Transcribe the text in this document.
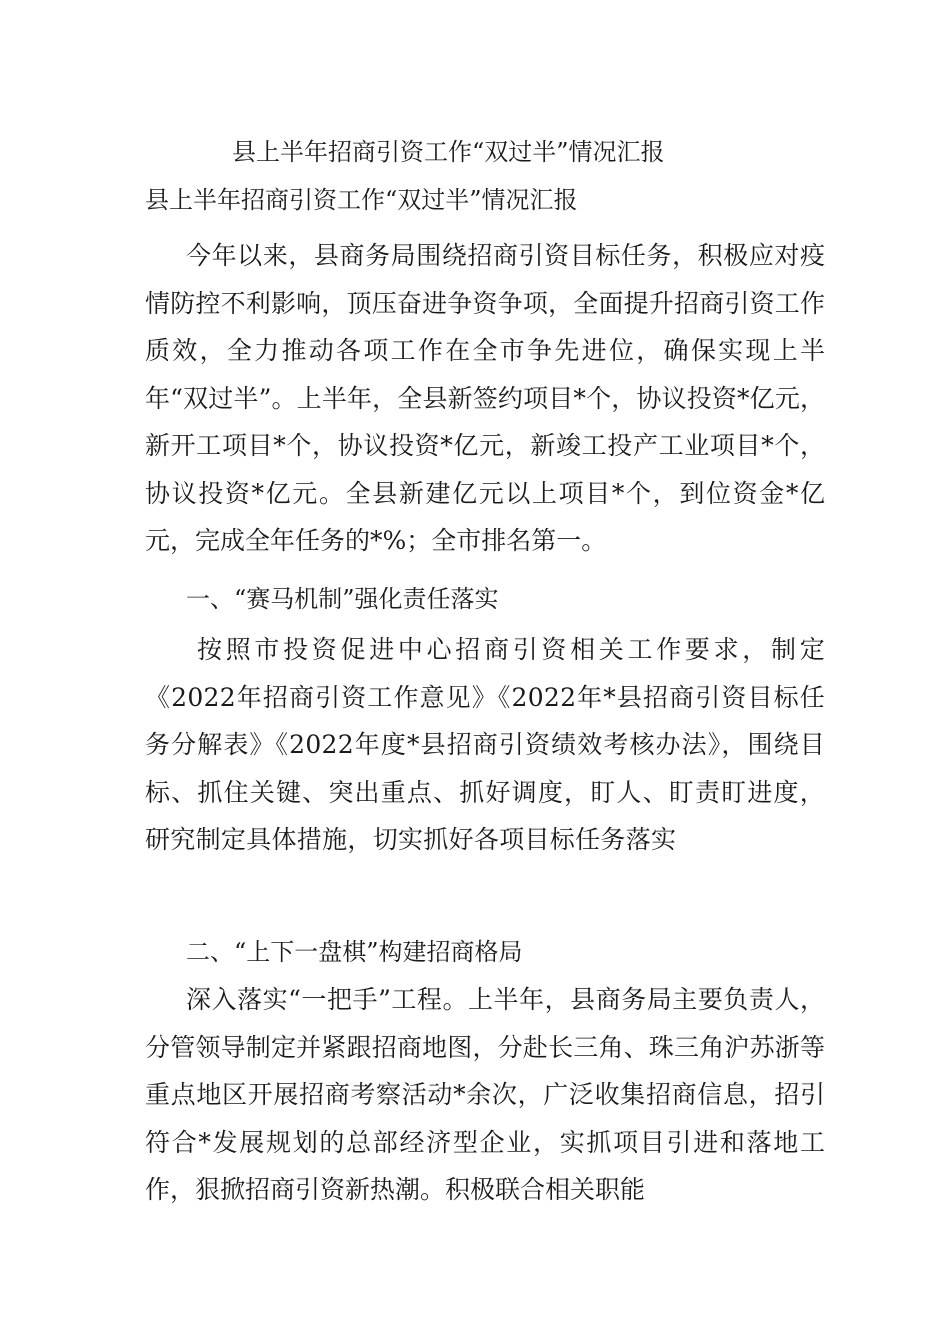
县上半年招商引资工作“双过半”情况汇报

县上半年招商引资工作“双过半”情况汇报

今年以来，县商务局围绕招商引资目标任务，积极应对疫情防控不利影响，顶压奋进争资争项，全面提升招商引资工作质效，全力推动各项工作在全市争先进位，确保实现上半年“双过半”。上半年，全县新签约项目*个，协议投资*亿元，新开工项目*个，协议投资*亿元，新竣工投产工业项目*个，协议投资*亿元。全县新建亿元以上项目*个，到位资金*亿元，完成全年任务的*%；全市排名第一。

一、“赛马机制”强化责任落实

按照市投资促进中心招商引资相关工作要求，制定《2022年招商引资工作意见》《2022年*县招商引资目标任务分解表》《2022年度*县招商引资绩效考核办法》，围绕目标、抓住关键、突出重点、抓好调度，盯人、盯责盯进度，研究制定具体措施，切实抓好各项目标任务落实

二、“上下一盘棋”构建招商格局

深入落实“一把手”工程。上半年，县商务局主要负责人，分管领导制定并紧跟招商地图，分赴长三角、珠三角沪苏浙等重点地区开展招商考察活动*余次，广泛收集招商信息，招引符合*发展规划的总部经济型企业，实抓项目引进和落地工作，狠掀招商引资新热潮。积极联合相关职能
